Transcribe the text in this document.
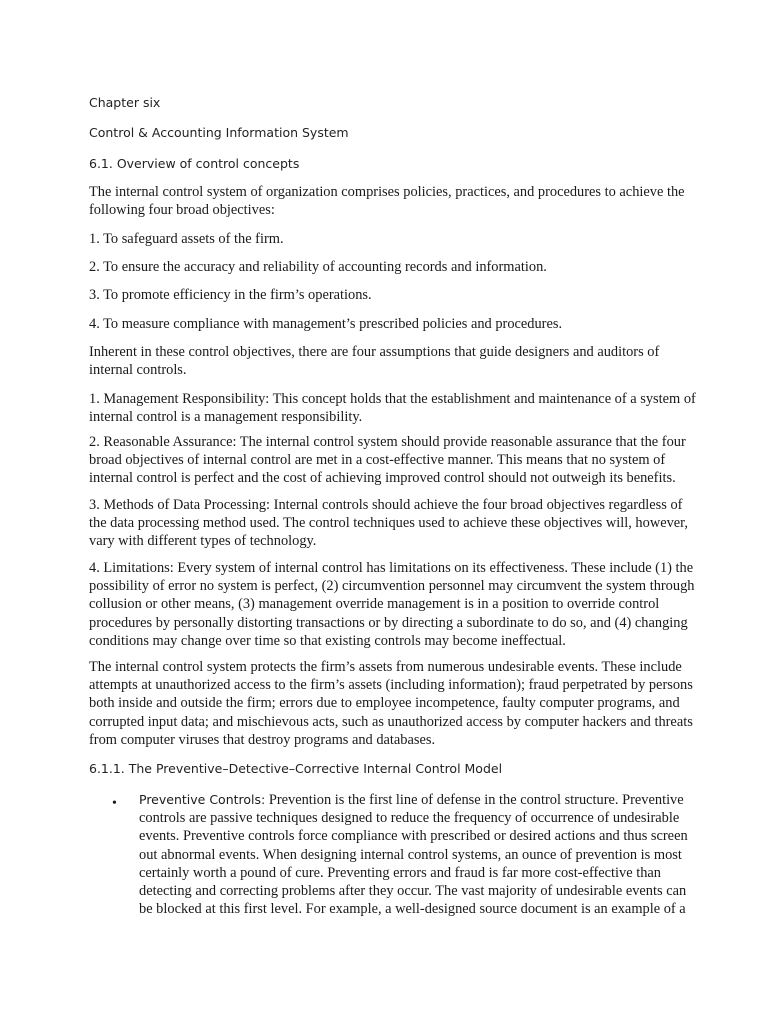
Chapter six
Control & Accounting Information System
6.1. Overview of control concepts
The internal control system of organization comprises policies, practices, and procedures to achieve the
following four broad objectives:
1. To safeguard assets of the firm.
2. To ensure the accuracy and reliability of accounting records and information.
3. To promote efficiency in the firm’s operations.
4. To measure compliance with management’s prescribed policies and procedures.
Inherent in these control objectives, there are four assumptions that guide designers and auditors of
internal controls.
1. Management Responsibility: This concept holds that the establishment and maintenance of a system of
internal control is a management responsibility.
2. Reasonable Assurance: The internal control system should provide reasonable assurance that the four
broad objectives of internal control are met in a cost-effective manner. This means that no system of
internal control is perfect and the cost of achieving improved control should not outweigh its benefits.
3. Methods of Data Processing: Internal controls should achieve the four broad objectives regardless of
the data processing method used. The control techniques used to achieve these objectives will, however,
vary with different types of technology.
4. Limitations: Every system of internal control has limitations on its effectiveness. These include (1) the
possibility of error no system is perfect, (2) circumvention personnel may circumvent the system through
collusion or other means, (3) management override management is in a position to override control
procedures by personally distorting transactions or by directing a subordinate to do so, and (4) changing
conditions may change over time so that existing controls may become ineffectual.
The internal control system protects the firm’s assets from numerous undesirable events. These include
attempts at unauthorized access to the firm’s assets (including information); fraud perpetrated by persons
both inside and outside the firm; errors due to employee incompetence, faulty computer programs, and
corrupted input data; and mischievous acts, such as unauthorized access by computer hackers and threats
from computer viruses that destroy programs and databases.
6.1.1. The Preventive–Detective–Corrective Internal Control Model
• Preventive Controls: Prevention is the first line of defense in the control structure. Preventive
controls are passive techniques designed to reduce the frequency of occurrence of undesirable
events. Preventive controls force compliance with prescribed or desired actions and thus screen
out abnormal events. When designing internal control systems, an ounce of prevention is most
certainly worth a pound of cure. Preventing errors and fraud is far more cost-effective than
detecting and correcting problems after they occur. The vast majority of undesirable events can
be blocked at this first level. For example, a well-designed source document is an example of a
